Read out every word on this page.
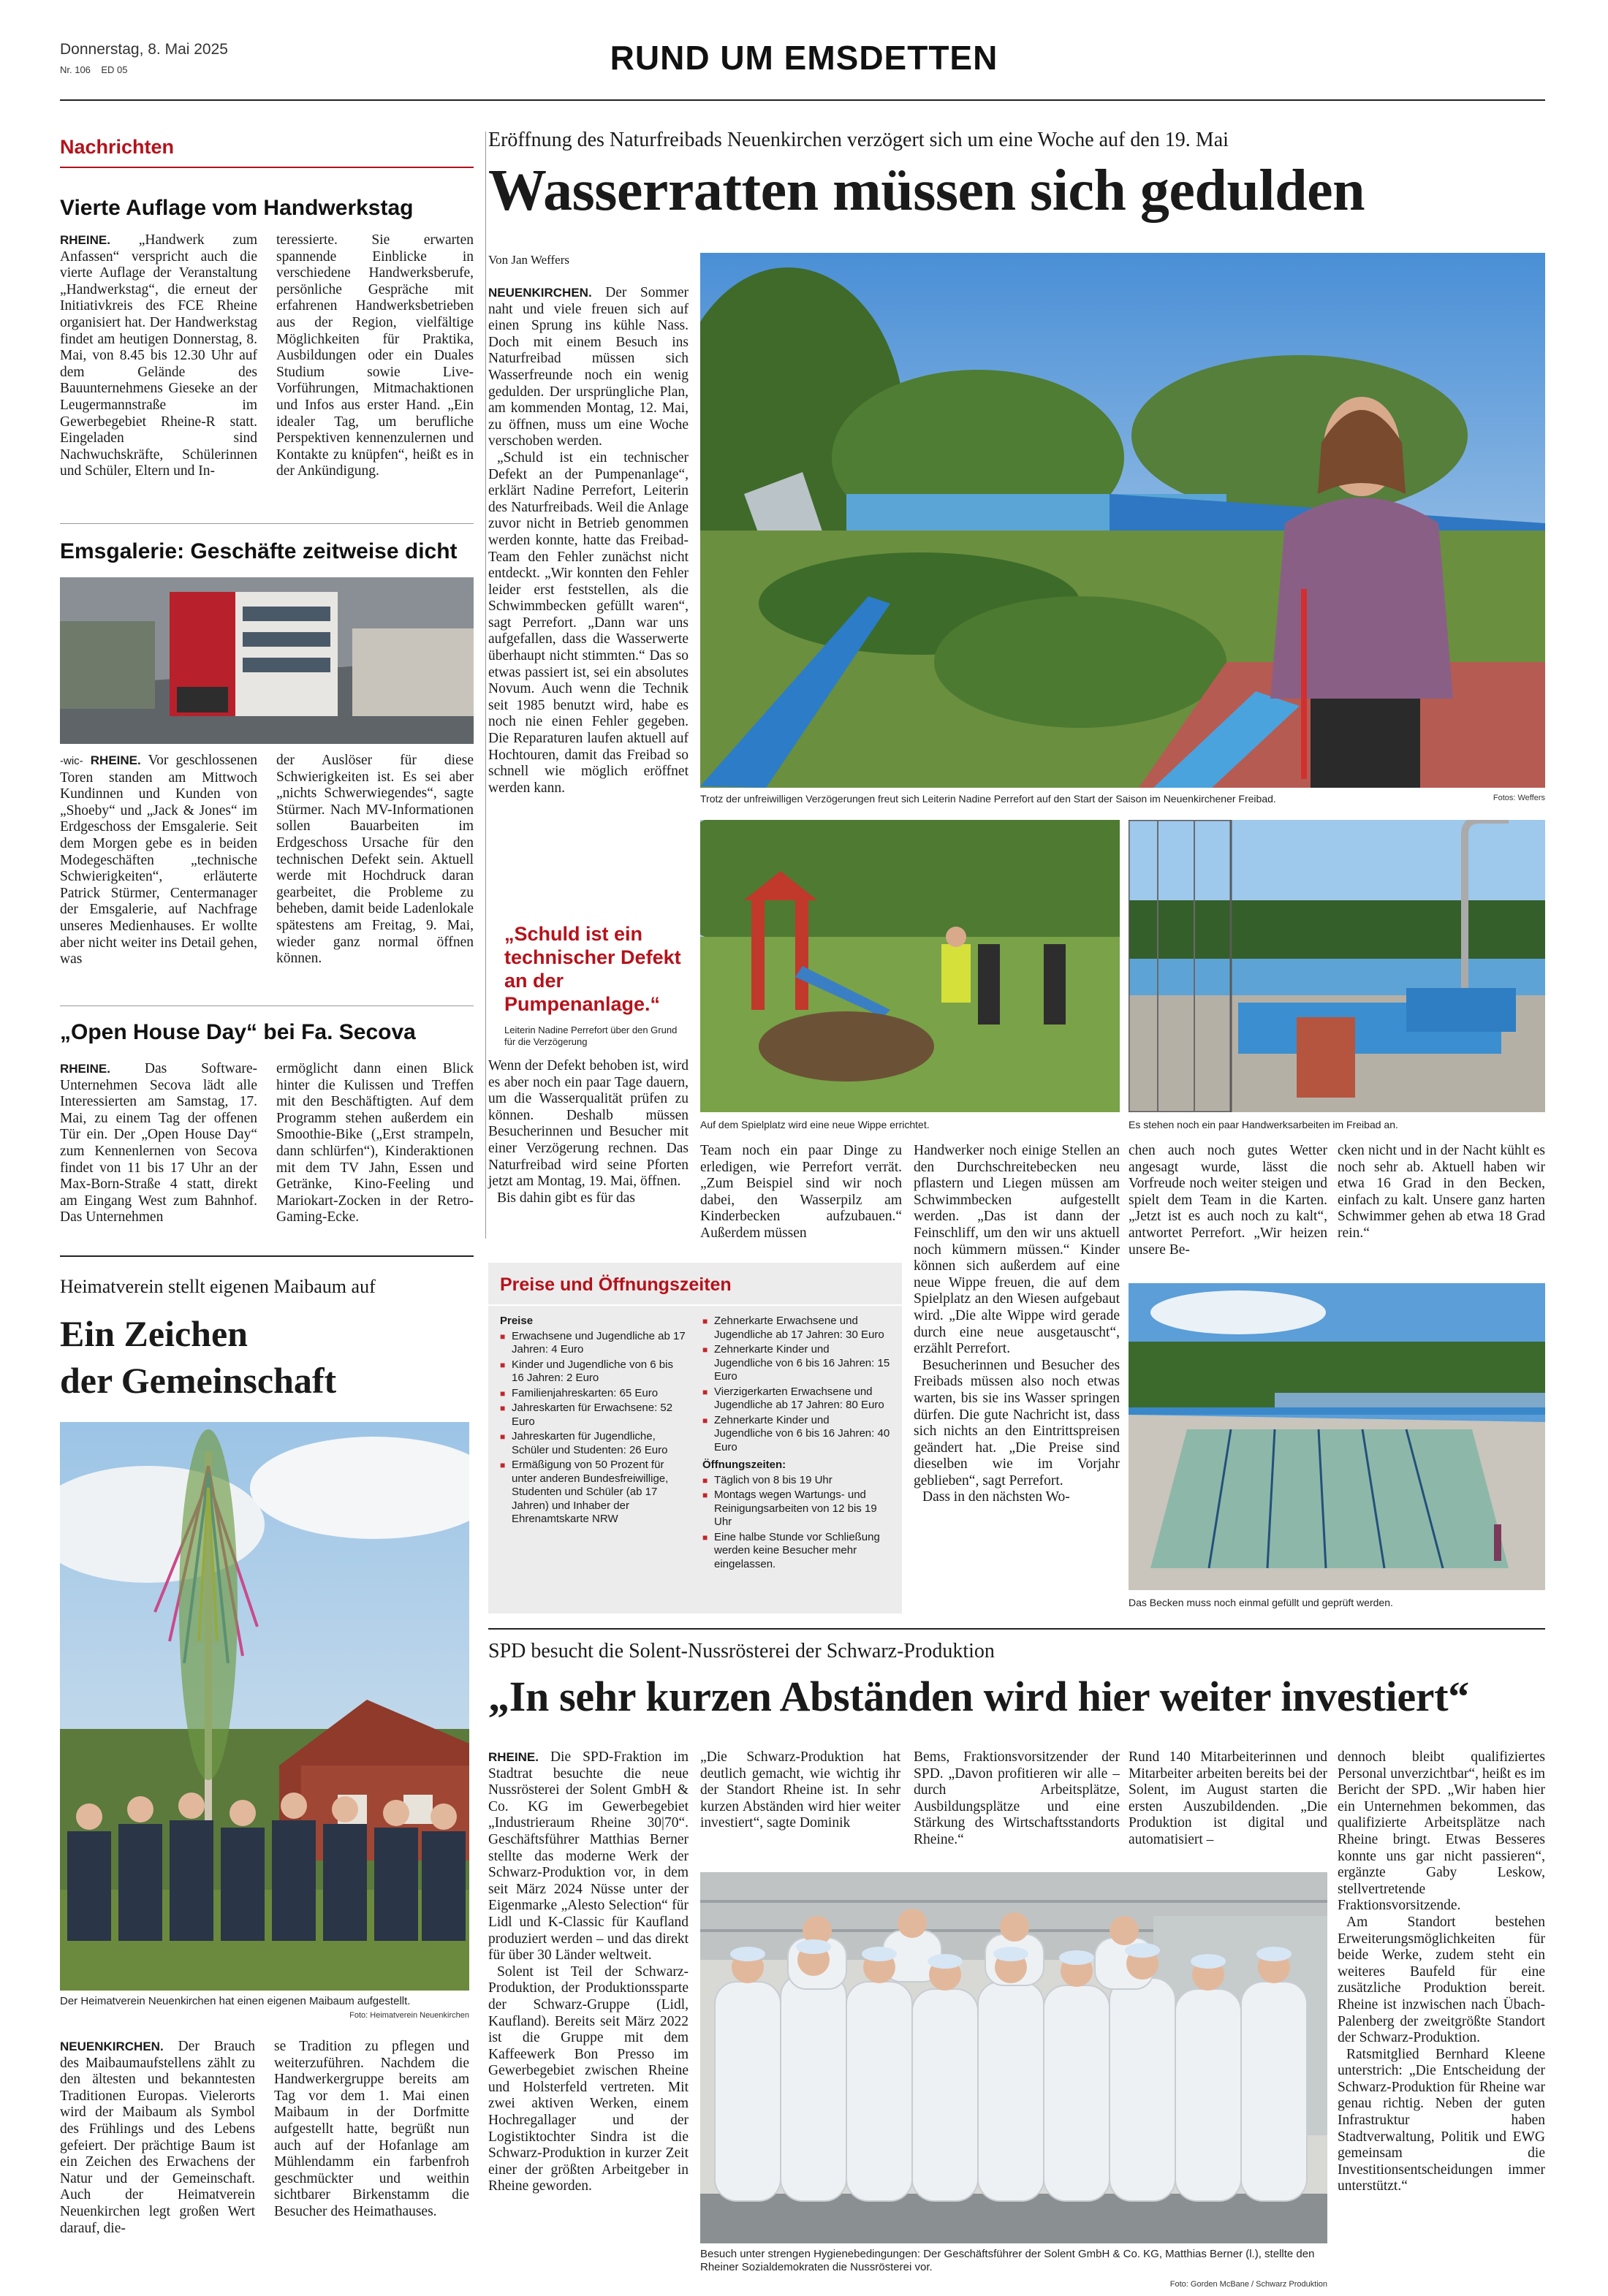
Donnerstag, 8. Mai 2025
Nr. 106 ED 05	RUND UM EMSDETTEN
Nachrichten
Vierte Auflage vom Handwerkstag
RHEINE. „Handwerk zum Anfassen“ verspricht auch die vierte Auflage der Veranstaltung „Handwerkstag“, die erneut der Initiativkreis des FCE Rheine organisiert hat. Der Handwerkstag findet am heutigen Donnerstag, 8. Mai, von 8.45 bis 12.30 Uhr auf dem Gelände des Bauunternehmens Gieseke an der Leugermannstraße im Gewerbegebiet Rheine-R statt. Eingeladen sind Nachwuchskräfte, Schülerinnen und Schüler, Eltern und In-
teressierte. Sie erwarten spannende Einblicke in verschiedene Handwerksberufe, persönliche Gespräche mit erfahrenen Handwerksbetrieben aus der Region, vielfältige Möglichkeiten für Praktika, Ausbildungen oder ein Duales Studium sowie Live-Vorführungen, Mitmachaktionen und Infos aus erster Hand. „Ein idealer Tag, um berufliche Perspektiven kennenzulernen und Kontakte zu knüpfen“, heißt es in der Ankündigung.
Emsgalerie: Geschäfte zeitweise dicht
-wic- RHEINE. Vor geschlossenen Toren standen am Mittwoch Kundinnen und Kunden von „Shoeby“ und „Jack & Jones“ im Erdgeschoss der Emsgalerie. Seit dem Morgen gebe es in beiden Modegeschäften „technische Schwierigkeiten“, erläuterte Patrick Stürmer, Centermanager der Emsgalerie, auf Nachfrage unseres Medienhauses. Er wollte aber nicht weiter ins Detail gehen, was
der Auslöser für diese Schwierigkeiten ist. Es sei aber „nichts Schwerwiegendes“, sagte Stürmer. Nach MV-Informationen sollen Bauarbeiten im Erdgeschoss Ursache für den technischen Defekt sein. Aktuell werde mit Hochdruck daran gearbeitet, die Probleme zu beheben, damit beide Ladenlokale spätestens am Freitag, 9. Mai, wieder ganz normal öffnen können.
„Open House Day“ bei Fa. Secova
RHEINE. Das Software-Unternehmen Secova lädt alle Interessierten am Samstag, 17. Mai, zu einem Tag der offenen Tür ein. Der „Open House Day“ zum Kennenlernen von Secova findet von 11 bis 17 Uhr an der Max-Born-Straße 4 statt, direkt am Eingang West zum Bahnhof. Das Unternehmen
ermöglicht dann einen Blick hinter die Kulissen und Treffen mit den Beschäftigten. Auf dem Programm stehen außerdem ein Smoothie-Bike („Erst strampeln, dann schlürfen“), Kinderaktionen mit dem TV Jahn, Essen und Getränke, Kino-Feeling und Mariokart-Zocken in der Retro-Gaming-Ecke.
Heimatverein stellt eigenen Maibaum auf
Ein Zeichen
der Gemeinschaft
Der Heimatverein Neuenkirchen hat einen eigenen Maibaum aufgestellt.
Foto: Heimatverein Neuenkirchen
NEUENKIRCHEN. Der Brauch des Maibaumaufstellens zählt zu den ältesten und bekanntesten Traditionen Europas. Vielerorts wird der Maibaum als Symbol des Frühlings und des Lebens gefeiert. Der prächtige Baum ist ein Zeichen des Erwachens der Natur und der Gemeinschaft. Auch der Heimatverein Neuenkirchen legt großen Wert darauf, die-
se Tradition zu pflegen und weiterzuführen. Nachdem die Handwerkergruppe bereits am Tag vor dem 1. Mai einen Maibaum in der Dorfmitte aufgestellt hatte, begrüßt nun auch auf der Hofanlage am Mühlendamm ein farbenfroh geschmückter und weithin sichtbarer Birkenstamm die Besucher des Heimathauses.
Eröffnung des Naturfreibads Neuenkirchen verzögert sich um eine Woche auf den 19. Mai
Wasserratten müssen sich gedulden
Von Jan Weffers
Trotz der unfreiwilligen Verzögerungen freut sich Leiterin Nadine Perrefort auf den Start der Saison im Neuenkirchener Freibad.	Fotos: Weffers

NEUENKIRCHEN. Der Sommer naht und viele freuen sich auf einen Sprung ins kühle Nass. Doch mit einem Besuch ins Naturfreibad müssen sich Wasserfreunde noch ein wenig gedulden. Der ursprüngliche Plan, am kommenden Montag, 12. Mai, zu öffnen, muss um eine Woche verschoben werden.

„Schuld ist ein technischer Defekt an der Pumpenanlage“, erklärt Nadine Perrefort, Leiterin des Naturfreibads. Weil die Anlage zuvor nicht in Betrieb genommen werden konnte, hatte das Freibad-Team den Fehler zunächst nicht entdeckt. „Wir konnten den Fehler leider erst feststellen, als die Schwimmbecken gefüllt waren“, sagt Perrefort. „Dann war uns aufgefallen, dass die Wasserwerte überhaupt nicht stimmten.“ Das so etwas passiert ist, sei ein absolutes Novum. Auch wenn die Technik seit 1985 benutzt wird, habe es noch nie einen Fehler gegeben. Die Reparaturen laufen aktuell auf Hochtouren, damit das Freibad so schnell wie möglich eröffnet werden kann.

„Schuld ist ein technischer Defekt an der Pumpenanlage.“
Leiterin Nadine Perrefort über den Grund für die Verzögerung

Wenn der Defekt behoben ist, wird es aber noch ein paar Tage dauern, um die Wasserqualität prüfen zu können. Deshalb müssen Besucherinnen und Besucher mit einer Verzögerung rechnen. Das Naturfreibad wird seine Pforten jetzt am Montag, 19. Mai, öffnen.

Bis dahin gibt es für das

Auf dem Spielplatz wird eine neue Wippe errichtet.	Es stehen noch ein paar Handwerksarbeiten im Freibad an.
Team noch ein paar Dinge zu erledigen, wie Perrefort verrät. „Zum Beispiel sind wir noch dabei, den Wasserpilz am Kinderbecken aufzubauen.“ Außerdem müssen

Handwerker noch einige Stellen an den Durchschreitebecken neu pflastern und Liegen müssen am Schwimmbecken aufgestellt werden. „Das ist dann der Feinschliff, um den wir uns aktuell noch kümmern müssen.“ Kinder können sich außerdem auf eine neue Wippe freuen, die auf dem Spielplatz an den Wiesen aufgebaut wird. „Die alte Wippe wird gerade durch eine neue ausgetauscht“, erzählt Perrefort.

Besucherinnen und Besucher des Freibads müssen also noch etwas warten, bis sie ins Wasser springen dürfen. Die gute Nachricht ist, dass sich nichts an den Eintrittspreisen geändert hat. „Die Preise sind dieselben wie im Vorjahr geblieben“, sagt Perrefort.

Dass in den nächsten Wo-

chen auch noch gutes Wetter angesagt wurde, lässt die Vorfreude noch weiter steigen und spielt dem Team in die Karten. „Jetzt ist es auch noch zu kalt“, antwortet Perrefort. „Wir heizen unsere Be-
cken nicht und in der Nacht kühlt es noch sehr ab. Aktuell haben wir etwa 16 Grad in den Becken, einfach zu kalt. Unsere ganz harten Schwimmer gehen ab etwa 18 Grad rein.“
Preise und Öffnungszeiten
Preise
■ Erwachsene und Jugendliche ab 17 Jahren: 4 Euro
■ Kinder und Jugendliche von 6 bis 16 Jahren: 2 Euro
■ Familienjahreskarten: 65 Euro
■ Jahreskarten für Erwachsene: 52 Euro
■ Jahreskarten für Jugendliche, Schüler und Studenten: 26 Euro
■ Ermäßigung von 50 Prozent für unter anderen Bundesfreiwillige, Studenten und Schüler (ab 17 Jahren) und Inhaber der Ehrenamtskarte NRW
■ Zehnerkarte Erwachsene und Jugendliche ab 17 Jahren: 30 Euro
■ Zehnerkarte Kinder und Jugendliche von 6 bis 16 Jahren: 15 Euro
■ Vierzigerkarten Erwachsene und Jugendliche ab 17 Jahren: 80 Euro
■ Zehnerkarte Kinder und Jugendliche von 6 bis 16 Jahren: 40 Euro
Öffnungszeiten:
■ Täglich von 8 bis 19 Uhr
■ Montags wegen Wartungs- und Reinigungsarbeiten von 12 bis 19 Uhr
■ Eine halbe Stunde vor Schließung werden keine Besucher mehr eingelassen.
Das Becken muss noch einmal gefüllt und geprüft werden.
SPD besucht die Solent-Nussrösterei der Schwarz-Produktion
„In sehr kurzen Abständen wird hier weiter investiert“

RHEINE. Die SPD-Fraktion im Stadtrat besuchte die neue Nussrösterei der Solent GmbH & Co. KG im Gewerbegebiet „Industrieraum Rheine 30|70“. Geschäftsführer Matthias Berner stellte das moderne Werk der Schwarz-Produktion vor, in dem seit März 2024 Nüsse unter der Eigenmarke „Alesto Selection“ für Lidl und K-Classic für Kaufland produziert werden – und das direkt für über 30 Länder weltweit.

Solent ist Teil der Schwarz-Produktion, der Produktionssparte der Schwarz-Gruppe (Lidl, Kaufland). Bereits seit März 2022 ist die Gruppe mit dem Kaffeewerk Bon Presso im Gewerbegebiet zwischen Rheine und Holsterfeld vertreten. Mit zwei aktiven Werken, einem Hochregallager und der Logistiktochter Sindra ist die Schwarz-Produktion in kurzer Zeit einer der größten Arbeitgeber in Rheine geworden.

„Die Schwarz-Produktion hat deutlich gemacht, wie wichtig ihr der Standort Rheine ist. In sehr kurzen Abständen wird hier weiter investiert“, sagte Dominik
Bems, Fraktionsvorsitzender der SPD. „Davon profitieren wir alle – durch Arbeitsplätze, Ausbildungsplätze und eine Stärkung des Wirtschaftsstandorts Rheine.“
Rund 140 Mitarbeiterinnen und Mitarbeiter arbeiten bereits bei der Solent, im August starten die ersten Auszubildenden. „Die Produktion ist digital und automatisiert –

dennoch bleibt qualifiziertes Personal unverzichtbar“, heißt es im Bericht der SPD. „Wir haben hier ein Unternehmen bekommen, das qualifizierte Arbeitsplätze nach Rheine bringt. Etwas Besseres konnte uns gar nicht passieren“, ergänzte Gaby Leskow, stellvertretende Fraktionsvorsitzende.

Am Standort bestehen Erweiterungsmöglichkeiten für beide Werke, zudem steht ein weiteres Baufeld für eine zusätzliche Produktion bereit. Rheine ist inzwischen nach Übach-Palenberg der zweitgrößte Standort der Schwarz-Produktion.

Ratsmitglied Bernhard Kleene unterstrich: „Die Entscheidung der Schwarz-Produktion für Rheine war genau richtig. Neben der guten Infrastruktur haben Stadtverwaltung, Politik und EWG gemeinsam die Investitionsentscheidungen immer unterstützt.“

Besuch unter strengen Hygienebedingungen: Der Geschäftsführer der Solent GmbH & Co. KG, Matthias Berner (l.), stellte den Rheiner Sozialdemokraten die Nussrösterei vor.
Foto: Gorden McBane / Schwarz Produktion
